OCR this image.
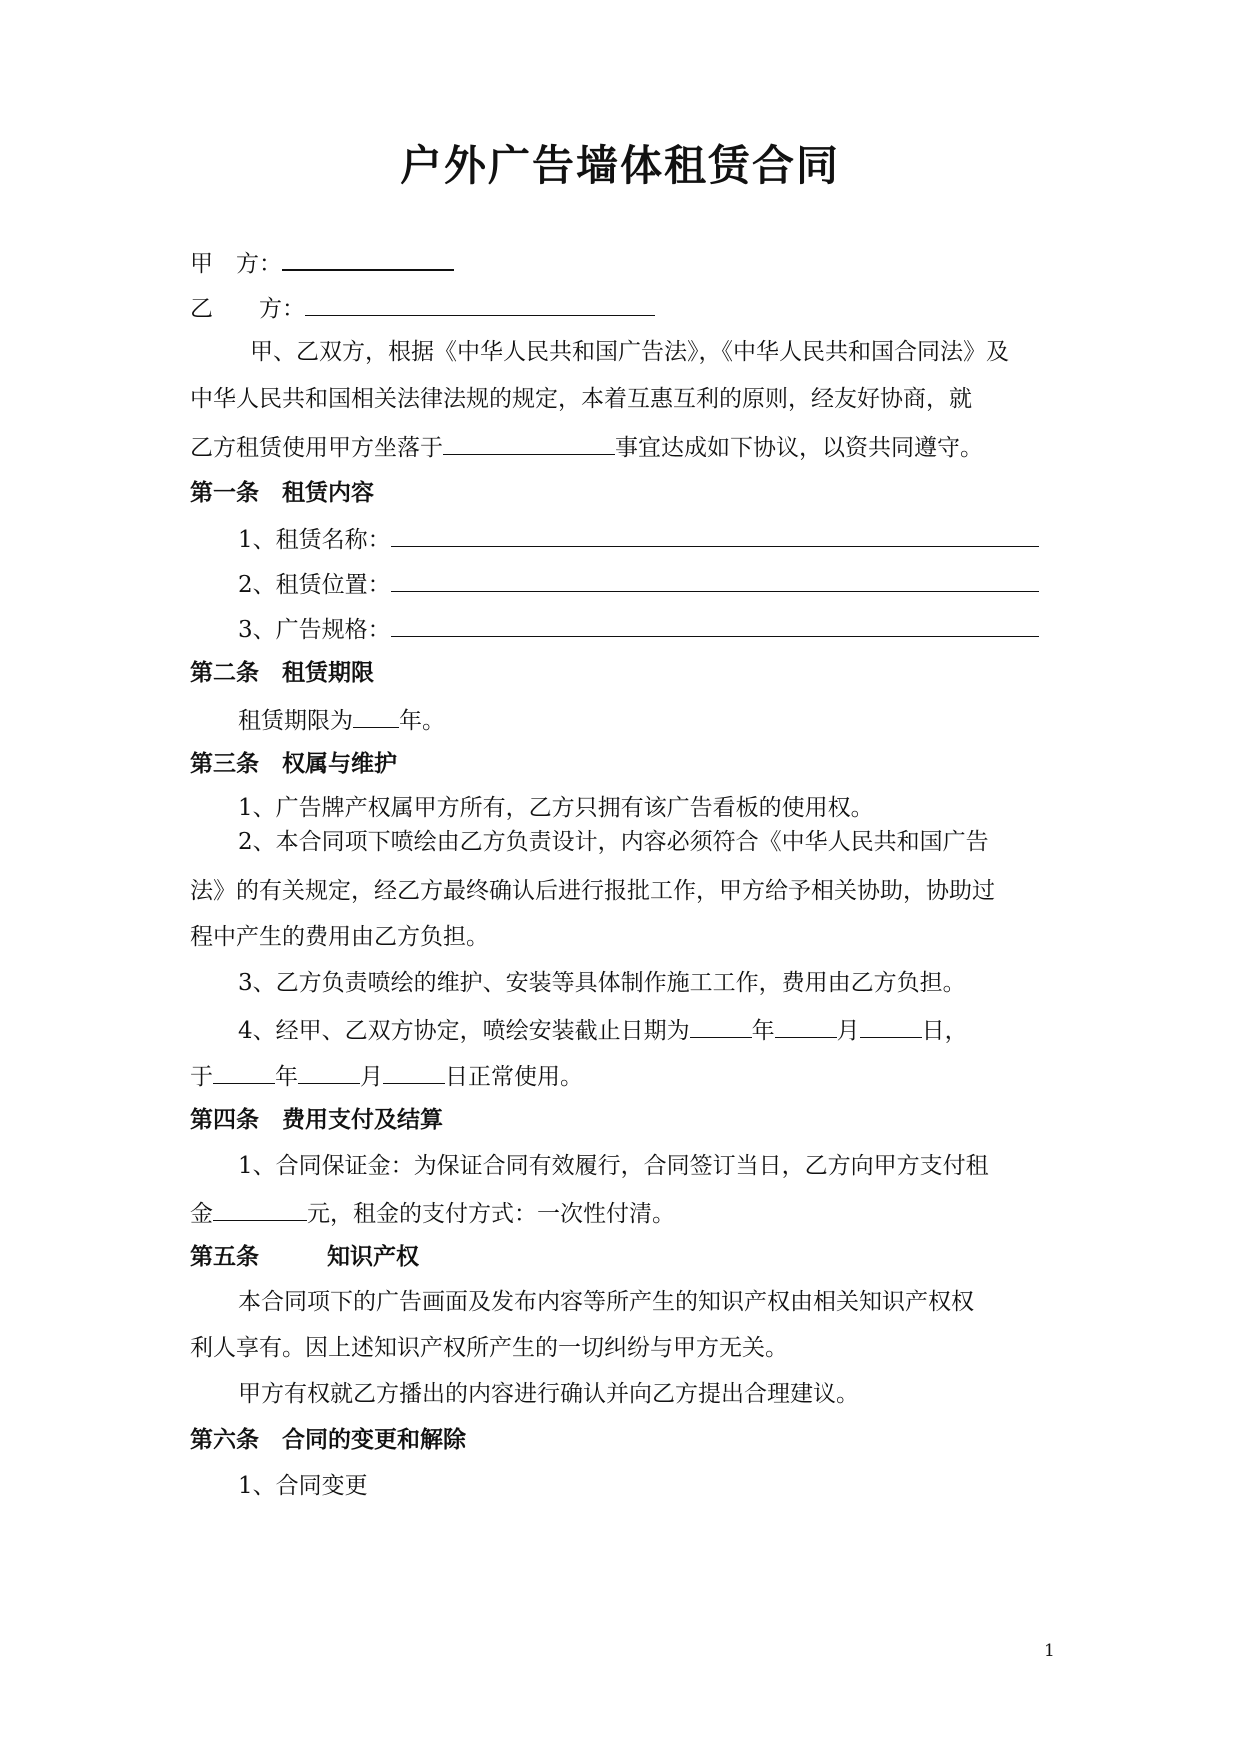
户外广告墙体租赁合同
甲　方：
乙　　方：
甲、乙双方，根据《中华人民共和国广告法》，《中华人民共和国合同法》及
中华人民共和国相关法律法规的规定，本着互惠互利的原则，经友好协商，就
乙方租赁使用甲方坐落于	事宜达成如下协议，以资共同遵守。
第一条　租赁内容
1、租赁名称：
2、租赁位置：
3、广告规格：
第二条　租赁期限
租赁期限为 年。
第三条　权属与维护
1、广告牌产权属甲方所有，乙方只拥有该广告看板的使用权。
2、本合同项下喷绘由乙方负责设计，内容必须符合《中华人民共和国广告
法》的有关规定，经乙方最终确认后进行报批工作，甲方给予相关协助，协助过
程中产生的费用由乙方负担。
3、乙方负责喷绘的维护、安装等具体制作施工工作，费用由乙方负担。
4、经甲、乙双方协定，喷绘安装截止日期为	年	月	日，
于	年	月	日正常使用。
第四条　费用支付及结算
1、合同保证金：为保证合同有效履行，合同签订当日，乙方向甲方支付租
金	元，租金的支付方式：一次性付清。
第五条	知识产权
本合同项下的广告画面及发布内容等所产生的知识产权由相关知识产权权
利人享有。因上述知识产权所产生的一切纠纷与甲方无关。
甲方有权就乙方播出的内容进行确认并向乙方提出合理建议。
第六条　合同的变更和解除
1、合同变更
1
